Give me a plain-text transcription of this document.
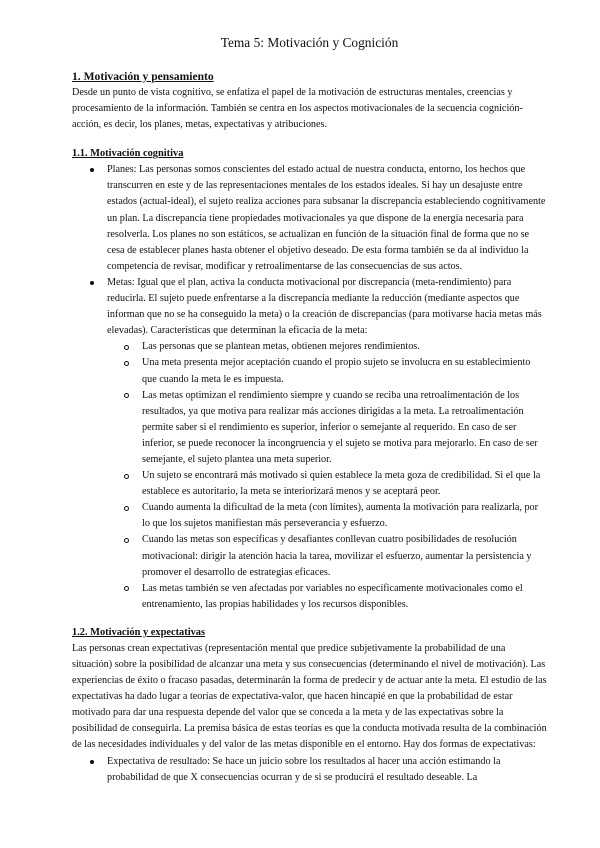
Tema 5: Motivación y Cognición
1. Motivación y pensamiento

Desde un punto de vista cognitivo, se enfatiza el papel de la motivación de estructuras mentales, creencias y procesamiento de la información. También se centra en los aspectos motivacionales de la secuencia cognición-acción, es decir, los planes, metas, expectativas y atribuciones.

1.1. Motivación cognitiva
Planes: Las personas somos conscientes del estado actual de nuestra conducta, entorno, los hechos que transcurren en este y de las representaciones mentales de los estados ideales. Si hay un desajuste entre estados (actual-ideal), el sujeto realiza acciones para subsanar la discrepancia estableciendo cognitivamente un plan. La discrepancia tiene propiedades motivacionales ya que dispone de la energía necesaria para resolverla. Los planes no son estáticos, se actualizan en función de la situación final de forma que no se cesa de establecer planes hasta obtener el objetivo deseado. De esta forma también se da al individuo la competencia de revisar, modificar y retroalimentarse de las consecuencias de sus actos.
Metas: Igual que el plan, activa la conducta motivacional por discrepancia (meta-rendimiento) para reducirla. El sujeto puede enfrentarse a la discrepancia mediante la reducción (mediante aspectos que informan que no se ha conseguido la meta) o la creación de discrepancias (para motivarse hacia metas más elevadas). Características que determinan la eficacia de la meta:
Las personas que se plantean metas, obtienen mejores rendimientos.
Una meta presenta mejor aceptación cuando el propio sujeto se involucra en su establecimiento que cuando la meta le es impuesta.
Las metas optimizan el rendimiento siempre y cuando se reciba una retroalimentación de los resultados, ya que motiva para realizar más acciones dirigidas a la meta. La retroalimentación permite saber si el rendimiento es superior, inferior o semejante al requerido. En caso de ser inferior, se puede reconocer la incongruencia y el sujeto se motiva para mejorarlo. En caso de ser semejante, el sujeto plantea una meta superior.
Un sujeto se encontrará más motivado si quien establece la meta goza de credibilidad. Si el que la establece es autoritario, la meta se interiorizará menos y se aceptará peor.
Cuando aumenta la dificultad de la meta (con límites), aumenta la motivación para realizarla, por lo que los sujetos manifiestan más perseverancia y esfuerzo.
Cuando las metas son específicas y desafiantes conllevan cuatro posibilidades de resolución motivacional: dirigir la atención hacia la tarea, movilizar el esfuerzo, aumentar la persistencia y promover el desarrollo de estrategias eficaces.
Las metas también se ven afectadas por variables no específicamente motivacionales como el entrenamiento, las propias habilidades y los recursos disponibles.
1.2. Motivación y expectativas

Las personas crean expectativas (representación mental que predice subjetivamente la probabilidad de una situación) sobre la posibilidad de alcanzar una meta y sus consecuencias (determinando el nivel de motivación). Las experiencias de éxito o fracaso pasadas, determinarán la forma de predecir y de actuar ante la meta. El estudio de las expectativas ha dado lugar a teorías de expectativa-valor, que hacen hincapié en que la probabilidad de estar motivado para dar una respuesta depende del valor que se conceda a la meta y de las expectativas sobre la posibilidad de conseguirla. La premisa básica de estas teorías es que la conducta motivada resulta de la combinación de las necesidades individuales y del valor de las metas disponible en el entorno. Hay dos formas de expectativas:

Expectativa de resultado: Se hace un juicio sobre los resultados al hacer una acción estimando la probabilidad de que X consecuencias ocurran y de si se producirá el resultado deseable. La
